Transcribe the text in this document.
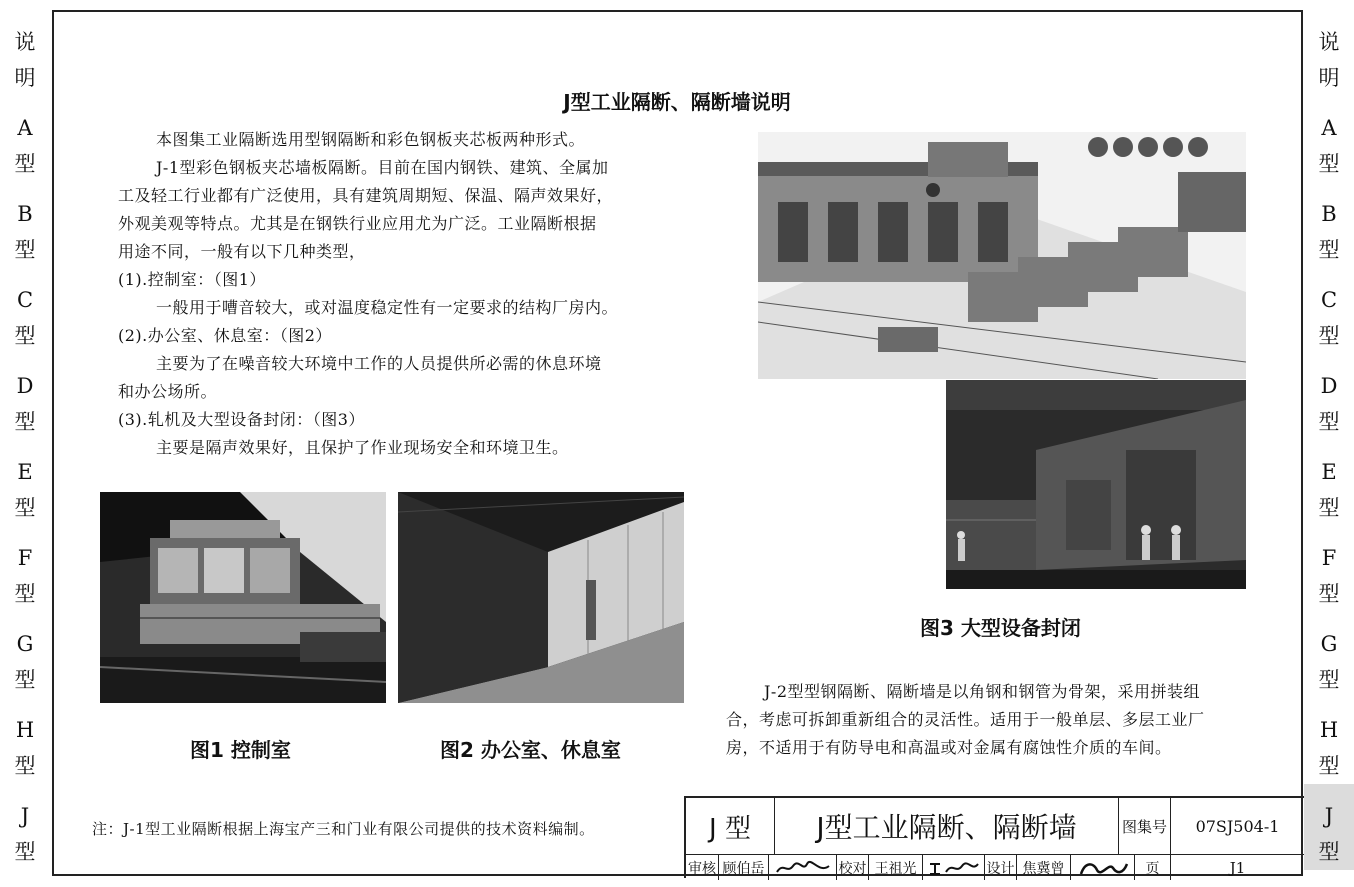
说
明
A
型
B
型
C
型
D
型
E
型
F
型
G
型
H
型
J
型
说
明
A
型
B
型
C
型
D
型
E
型
F
型
G
型
H
型
J
型
J型工业隔断、隔断墙说明
本图集工业隔断选用型钢隔断和彩色钢板夹芯板两种形式。
J-1型彩色钢板夹芯墙板隔断。目前在国内钢铁、建筑、全属加
工及轻工行业都有广泛使用，具有建筑周期短、保温、隔声效果好，
外观美观等特点。尤其是在钢铁行业应用尤为广泛。工业隔断根据
用途不同，一般有以下几种类型，
(1).控制室：（图1）
一般用于嘈音较大，或对温度稳定性有一定要求的结构厂房内。
(2).办公室、休息室：（图2）
主要为了在噪音较大环境中工作的人员提供所必需的休息环境
和办公场所。
(3).轧机及大型设备封闭：（图3）
主要是隔声效果好，且保护了作业现场安全和环境卫生。
图1 控制室	图2 办公室、休息室
图3 大型设备封闭
J-2型型钢隔断、隔断墙是以角钢和钢管为骨架，采用拼装组
合，考虑可拆卸重新组合的灵活性。适用于一般单层、多层工业厂
房，不适用于有防导电和高温或对金属有腐蚀性介质的车间。
注：J-1型工业隔断根据上海宝产三和门业有限公司提供的技术资料编制。	J 型	J型工业隔断、隔断墙	图集号	07SJ504-1
审核 顾伯岳	校对 王祖光	设计 焦冀曾	页	J1
